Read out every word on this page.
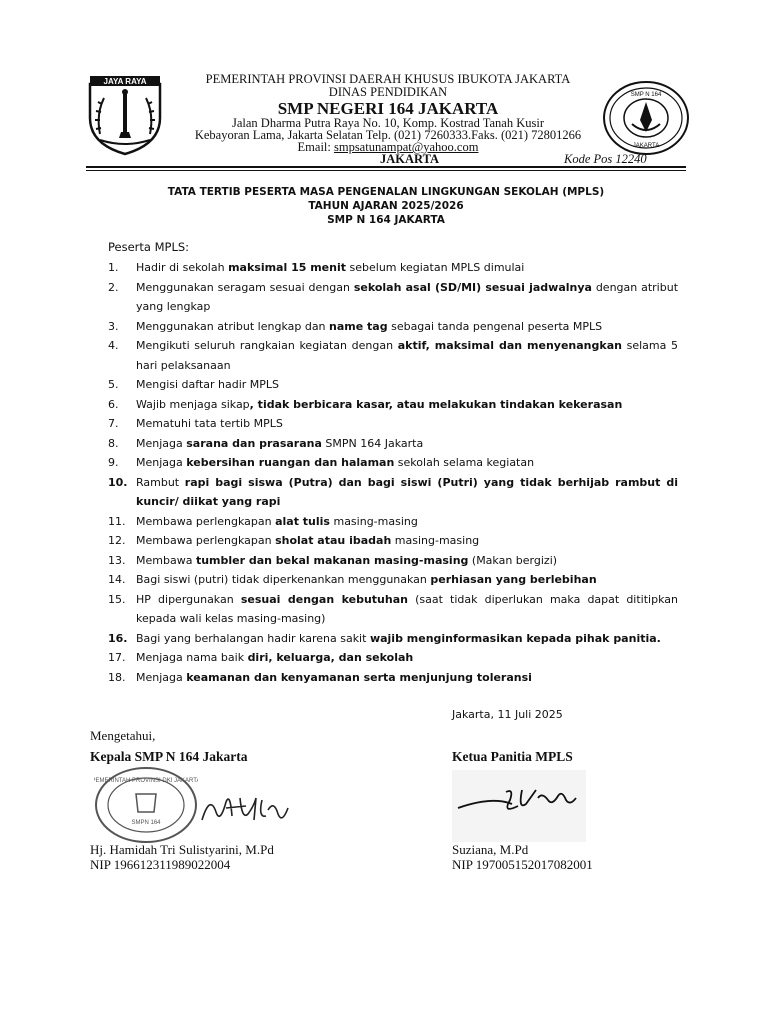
JAYA RAYA	PEMERINTAH PROVINSI DAERAH KHUSUS IBUKOTA JAKARTA
DINAS PENDIDIKAN
SMP NEGERI 164 JAKARTA
Jalan Dharma Putra Raya No. 10, Komp. Kostrad Tanah Kusir
Kebayoran Lama, Jakarta Selatan Telp. (021) 7260333.Faks. (021) 72801266
Email: smpsatunampat@yahoo.com
JAKARTA	Kode Pos 12240
SMP N 164
JAKARTA
TATA TERTIB PESERTA MASA PENGENALAN LINGKUNGAN SEKOLAH (MPLS)
TAHUN AJARAN 2025/2026
SMP N 164 JAKARTA
Peserta MPLS:
1.	Hadir di sekolah maksimal 15 menit sebelum kegiatan MPLS dimulai
2.	Menggunakan seragam sesuai dengan sekolah asal (SD/MI) sesuai jadwalnya dengan atribut yang lengkap
3.	Menggunakan atribut lengkap dan name tag sebagai tanda pengenal peserta MPLS
4.	Mengikuti seluruh rangkaian kegiatan dengan aktif, maksimal dan menyenangkan selama 5 hari pelaksanaan
5.	Mengisi daftar hadir MPLS
6.	Wajib menjaga sikap, tidak berbicara kasar, atau melakukan tindakan kekerasan
7.	Mematuhi tata tertib MPLS
8.	Menjaga sarana dan prasarana SMPN 164 Jakarta
9.	Menjaga kebersihan ruangan dan halaman sekolah selama kegiatan
10. Rambut rapi bagi siswa (Putra) dan bagi siswi (Putri) yang tidak berhijab rambut di kuncir/ diikat yang rapi
11. Membawa perlengkapan alat tulis masing-masing
12. Membawa perlengkapan sholat atau ibadah masing-masing
13. Membawa tumbler dan bekal makanan masing-masing (Makan bergizi)
14. Bagi siswi (putri) tidak diperkenankan menggunakan perhiasan yang berlebihan
15. HP dipergunakan sesuai dengan kebutuhan (saat tidak diperlukan maka dapat dititipkan kepada wali kelas masing-masing)
16. Bagi yang berhalangan hadir karena sakit wajib menginformasikan kepada pihak panitia.
17. Menjaga nama baik diri, keluarga, dan sekolah
18. Menjaga keamanan dan kenyamanan serta menjunjung toleransi
Jakarta, 11 Juli 2025
Mengetahui,
Kepala SMP N 164 Jakarta	Ketua Panitia MPLS
PEMERINTAH PROVINSI DKI JAKARTA
SMPN 164
Hj. Hamidah Tri Sulistyarini, M.Pd
NIP 196612311989022004
Suziana, M.Pd
NIP 197005152017082001
